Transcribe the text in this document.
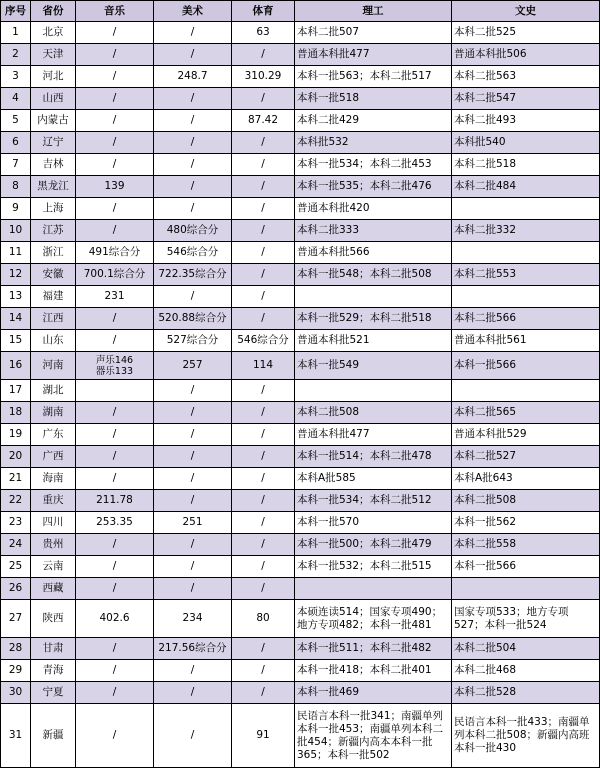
序号	省份	音乐	美术	体育	理工	文史
1	北京	/	/	63	本科二批507	本科二批525
2	天津	/	/	/	普通本科批477	普通本科批506
3	河北	/	248.7	310.29	本科一批563；本科二批517	本科二批563
4	山西	/	/	/	本科一批518	本科二批547
5	内蒙古	/	/	87.42	本科二批429	本科二批493
6	辽宁	/	/	/	本科批532	本科批540
7	吉林	/	/	/	本科一批534；本科二批453	本科二批518
8	黑龙江	139	/	/	本科一批535；本科二批476	本科二批484
9	上海	/	/	/	普通本科批420	
10	江苏	/	480综合分	/	本科二批333	本科二批332
11	浙江	491综合分	546综合分	/	普通本科批566	
12	安徽	700.1综合分	722.35综合分	/	本科一批548；本科二批508	本科二批553
13	福建	231	/	/		
14	江西	/	520.88综合分	/	本科一批529；本科二批518	本科二批566
15	山东	/	527综合分	546综合分	普通本科批521	普通本科批561
16	河南	声乐146
器乐133	257	114	本科一批549	本科一批566
17	湖北		/	/		
18	湖南	/	/	/	本科二批508	本科二批565
19	广东	/	/	/	普通本科批477	普通本科批529
20	广西	/	/	/	本科一批514；本科二批478	本科二批527
21	海南	/	/	/	本科A批585	本科A批643
22	重庆	211.78	/	/	本科一批534；本科二批512	本科二批508
23	四川	253.35	251	/	本科一批570	本科一批562
24	贵州	/	/	/	本科一批500；本科二批479	本科二批558
25	云南	/	/	/	本科一批532；本科二批515	本科一批566
26	西藏	/	/	/		
27	陕西	402.6	234	80	本硕连读514；国家专项490；地方专项482；本科一批481	国家专项533；地方专项527；本科一批524
28	甘肃	/	217.56综合分	/	本科一批511；本科二批482	本科二批504
29	青海	/	/	/	本科一批418；本科二批401	本科二批468
30	宁夏	/	/	/	本科一批469	本科二批528
31	新疆	/	/	91	民语言本科一批341；南疆单列本科一批453；南疆单列本科二批454；新疆内高本本科一批365；本科一批502	民语言本科一批433；南疆单列本科二批508；新疆内高班本科一批430
